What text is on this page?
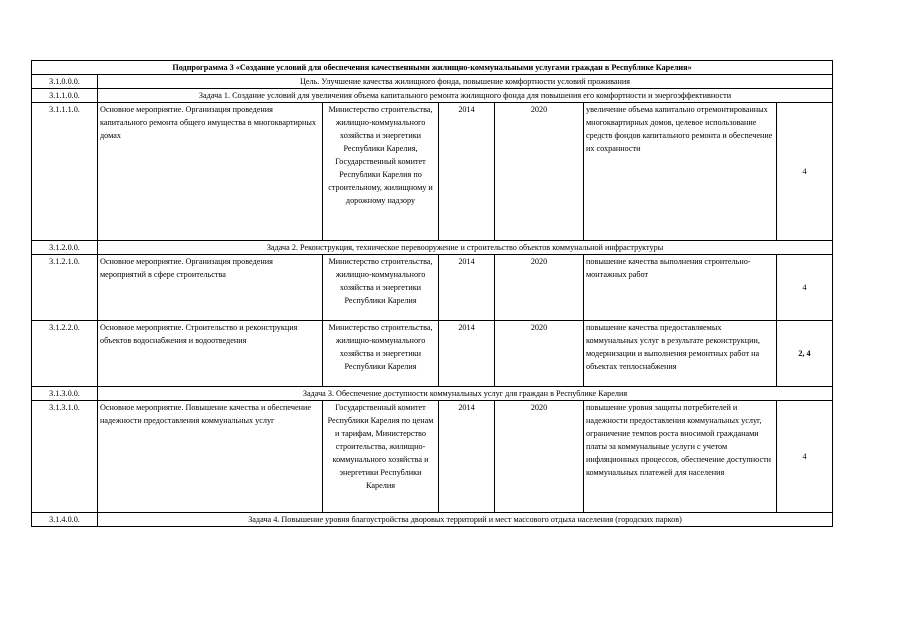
Подпрограмма 3 «Создание условий для обеспечения качественными жилищно-коммунальными услугами граждан в Республике Карелия»						
3.1.0.0.0.	Цель. Улучшение качества жилищного фонда, повышение комфортности условий проживания					
3.1.1.0.0.	Задача 1. Создание условий для увеличения объема капитального ремонта жилищного фонда для повышения его комфортности и энергоэффективности					
3.1.1.1.0.	Основное мероприятие. Организация проведения капитального ремонта общего имущества в многоквартирных домах	Министерство строительства, жилищно-коммунального хозяйства и энергетики Республики Карелия, Государственный комитет Республики Карелия по строительному, жилищному и дорожному надзору	2014	2020	увеличение объема капитально отремонтированных многоквартирных домов, целевое использование средств фондов капитального ремонта и обеспечение их сохранности	4
3.1.2.0.0.	Задача 2. Реконструкция, техническое перевооружение и строительство объектов коммунальной инфраструктуры					
3.1.2.1.0.	Основное мероприятие. Организация проведения мероприятий в сфере строительства	Министерство строительства, жилищно-коммунального хозяйства и энергетики Республики Карелия	2014	2020	повышение качества выполнения строительно-монтажных работ	4
3.1.2.2.0.	Основное мероприятие. Строительство и реконструкция объектов водоснабжения и водоотведения	Министерство строительства, жилищно-коммунального хозяйства и энергетики Республики Карелия	2014	2020	повышение качества предоставляемых коммунальных услуг в результате реконструкции, модернизации и выполнения ремонтных работ на объектах теплоснабжения	2, 4
3.1.3.0.0.	Задача 3. Обеспечение доступности коммунальных услуг для граждан в Республике Карелия					
3.1.3.1.0.	Основное мероприятие. Повышение качества и обеспечение надежности предоставления коммунальных услуг	Государственный комитет Республики Карелия по ценам и тарифам, Министерство строительства, жилищно-коммунального хозяйства и энергетики Республики Карелия	2014	2020	повышение уровня защиты потребителей и надежности предоставления коммунальных услуг, ограничение темпов роста вносимой гражданами платы за коммунальные услуги с учетом инфляционных процессов, обеспечение доступности коммунальных платежей для населения	4
3.1.4.0.0.	Задача 4. Повышение уровня благоустройства дворовых территорий и мест массового отдыха населения (городских парков)					
